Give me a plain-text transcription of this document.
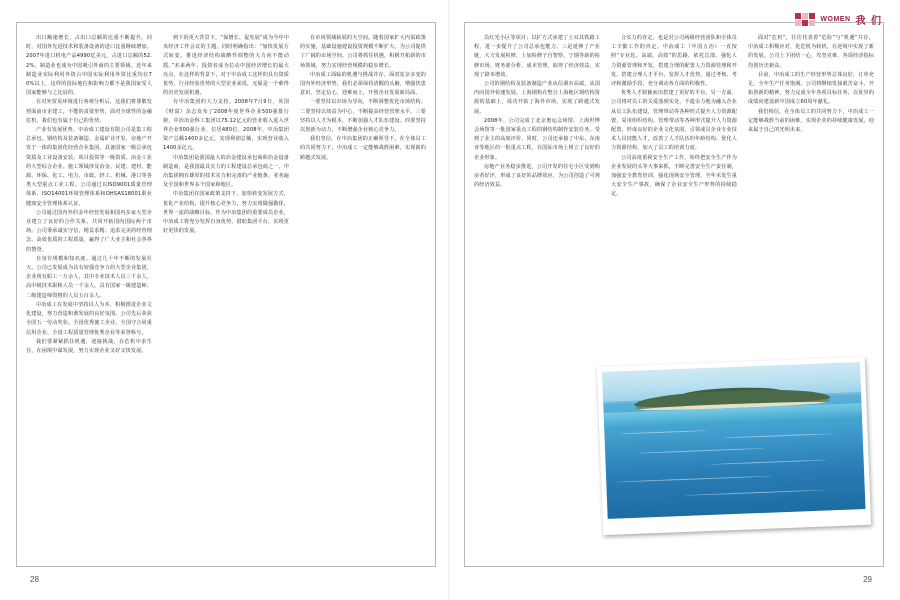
出口额速增长，占出口总额的比重不断提升。同时，对国外先进技术和装备设备的进口比重继续增加。2007年进口机电产品4990亿美元，占进口总额的52.2%，制造业也成为中国吸引外商的主要领域。近年来制造业实际利用外资占中国实际利用外资比重均在70%以上，这样的国际地位和影响力都不是我国家受人国家能够与之比肩的。

在对外贸易环境进行客观分析后，这我们将尊敬发势面前市企建工，不能的责资形势，面对全球性的金融危机，我们也有属于自己的优势。

产业有发展优势。中冶成工建设有限公司是集工程总承包、钢结构及装备制造、金属矿业开发、房地产开发于一体的集团化经营企业集团。具备国家一级总承包资质及工业设备安装、项目投资等一级资质、冶金工业的大型综合企业。施工领域涉及冶金、民建、建材、能源、环保、化工、电力、市政、轻工、机械、港口等各类大型重点工业工程。公司通过以ISO9001质量管理体系、ISO14001环境管理体系和OHSAS18001职业健康安全管理体系认证。

公司通过国内外的多年经营发展和国内多家大型企业建立了良好的合作关系，共同开拓国内国际两个市场。公司秉承诚实守信，精益求精、追求完美的经营理念，高效优质的工程质量，赢得了广大业主和社会各界的赞誉。

自身有规模和知名度。通过几十年不断的发展壮大，公司已发展成为具有较强竞争力的大型企业集团。企业现有职工一万余人，其中专业技术人员三千余人，高中级技术职称人员一千余人，具有国家一级建造师、二级建造师资格的人员五百余人。

中冶成工在发展中坚持以人为本，积极推进企业文化建设，努力营造和谐发展的良好氛围。公司先后荣获全国五一劳动奖状、全国优秀施工企业、全国守合同重信用企业、全国工程质量管理优秀企业等荣誉称号。

我们要紧紧抓住机遇，迎接挑战，在危机中求生存，在困境中谋发展，努力实现企业又好又快发展。

到下的更大背景下。“保增长、促发展”成为今年中央经济工作会议的主题。同时明确指出：“加快发展方式转变、推进经济结构战略性调整的大力向不能动摇。”未来两年，投资者成为拉动中国经济增长的最大亮点，在这样的背景下，对于中冶成工这样的具有资质优势、行业经验优势的大型企业来说，无疑是一个难得的历史发展机遇。

有中冶集团的大力支持。2008年7月9日，英国《财富》杂志发布了2008年度世界企业500强排行榜，中冶冶金科工集团以75.12亿元的营业收入进入世界企业500强行业，位居480位。2008年，中冶集团资产总额1400多亿元，实现利润总额，实现营业收入1400多亿元。

中冶集团是我国最大的冶金建设承包商和冶金设备制造商，是我国最具实力的工程建设总承包商之一。中冶集团拥有雄厚的技术实力和完备的产业链条，业务遍及全国和世界多个国家和地区。

中冶集团在国家政策支持下，加快转变发展方式，优化产业结构，提升核心竞争力，努力实现做强做优、世界一流的战略目标。作为中冶集团的重要成员企业，中冶成工将充分发挥自身优势，借助集团平台，实现更好更快的发展。

有市场领域拓展的大空间。随着国家扩大内需政策的实施，基础设施建设投资规模不断扩大，为公司提供了广阔的市场空间。公司将抓住机遇，积极开拓新的市场领域，努力实现经营规模的稳步增长。

中冶成工面临的机遇与挑战并存。面对复杂多变的国内外经济形势，我们必须保持清醒的头脑，增强忧患意识，坚定信心，迎难而上，开创企业发展新局面。

一要坚持以市场为导向，不断调整优化市场结构。二要坚持以效益为中心，不断提高经营管理水平。三要坚持以人才为根本，不断加强人才队伍建设。四要坚持以创新为动力，不断增强企业核心竞争力。

我们坚信，在中冶集团的正确领导下，在全体员工的共同努力下，中冶成工一定能够战胜困难，实现新的跨越式发展。

28
WOMEN 我 们

员红光小区等项目；以扩方式承建了土耳其铁路工程。进一步提升了公司总承包能力。三是延伸了产业链，大力发展检修，上加检修子自智察、宁钢等新的检修市场。财务部分析，成本管理，取得了经济效益，实现了降本增效。

公司的钢结构及装备制造产业从信调市高端，从国内向国外快速发展。上海钢构在整合上海地区钢结构资源的基础上，成功开拓了海外市场，实现了跨越式发展。

2008年，公司完成了北京奥运会场馆、上海世博会场馆等一批国家重点工程的钢结构制作安装任务，受到了业主的高度评价。同时，公司还承接了中东、东南亚等地区的一批重点工程，在国际市场上树立了良好的企业形象。

房地产业务稳步推进，公司开发的住宅小区受到购房者好评，形成了良好的品牌效应，为公司创造了可观的经济效益。

合实力的肯定，也是对公司两级经营团队和全体员工辛勤工作的肯定。中冶成工（中国五治）一直按照“专业化、高端、高效”的思路，依托总部，强化人力资源管理和开发，搭建合理的配置人力资源管理和开发，搭建合理人才平台，发挥人才优势，通过考核、考评和激励手段，充分调动各方面的积极性。

优秀人才脱颖而出搭建了更好的平台。另一方面，公司将对员工的关爱落到实处，不遗余力地为融入企业从员工队伍建设，管理带动等各种形式提升人力资源配置，采用组织结构、管理带动等各种形式提升人力资源配置，形成良好的企业文化氛围，引领成员企业专业技术人员技能人才，改善了人才队伍的年龄结构、优化人力资源结构，加大了员工的培训力度。

公司高度重视安全生产工作，始终把安全生产作为企业发展的头等大事来抓，不断完善安全生产责任制，加强安全教育培训，强化现场安全管理，全年未发生重大安全生产事故，确保了企业安全生产形势的持续稳定。

面对“危机”，往往代表着“危险”与“机遇”并存，中冶成工积极应对，化危机为转机，在逆境中实现了新的发展。公司上下团结一心，攻坚克难，各项经济指标均创历史新高。

目前，中冶成工的生产经营形势总体良好，订单充足，全年生产任务饱满。公司将继续发扬艰苦奋斗、开拓创新的精神，努力完成全年各项目标任务，以优异的成绩向建设新中国成立60周年献礼。

我们相信，在全体员工的共同努力下，中冶成工一定能够战胜当前的困难，实现企业的持续健康发展，迎来属于自己的光明未来。

29
